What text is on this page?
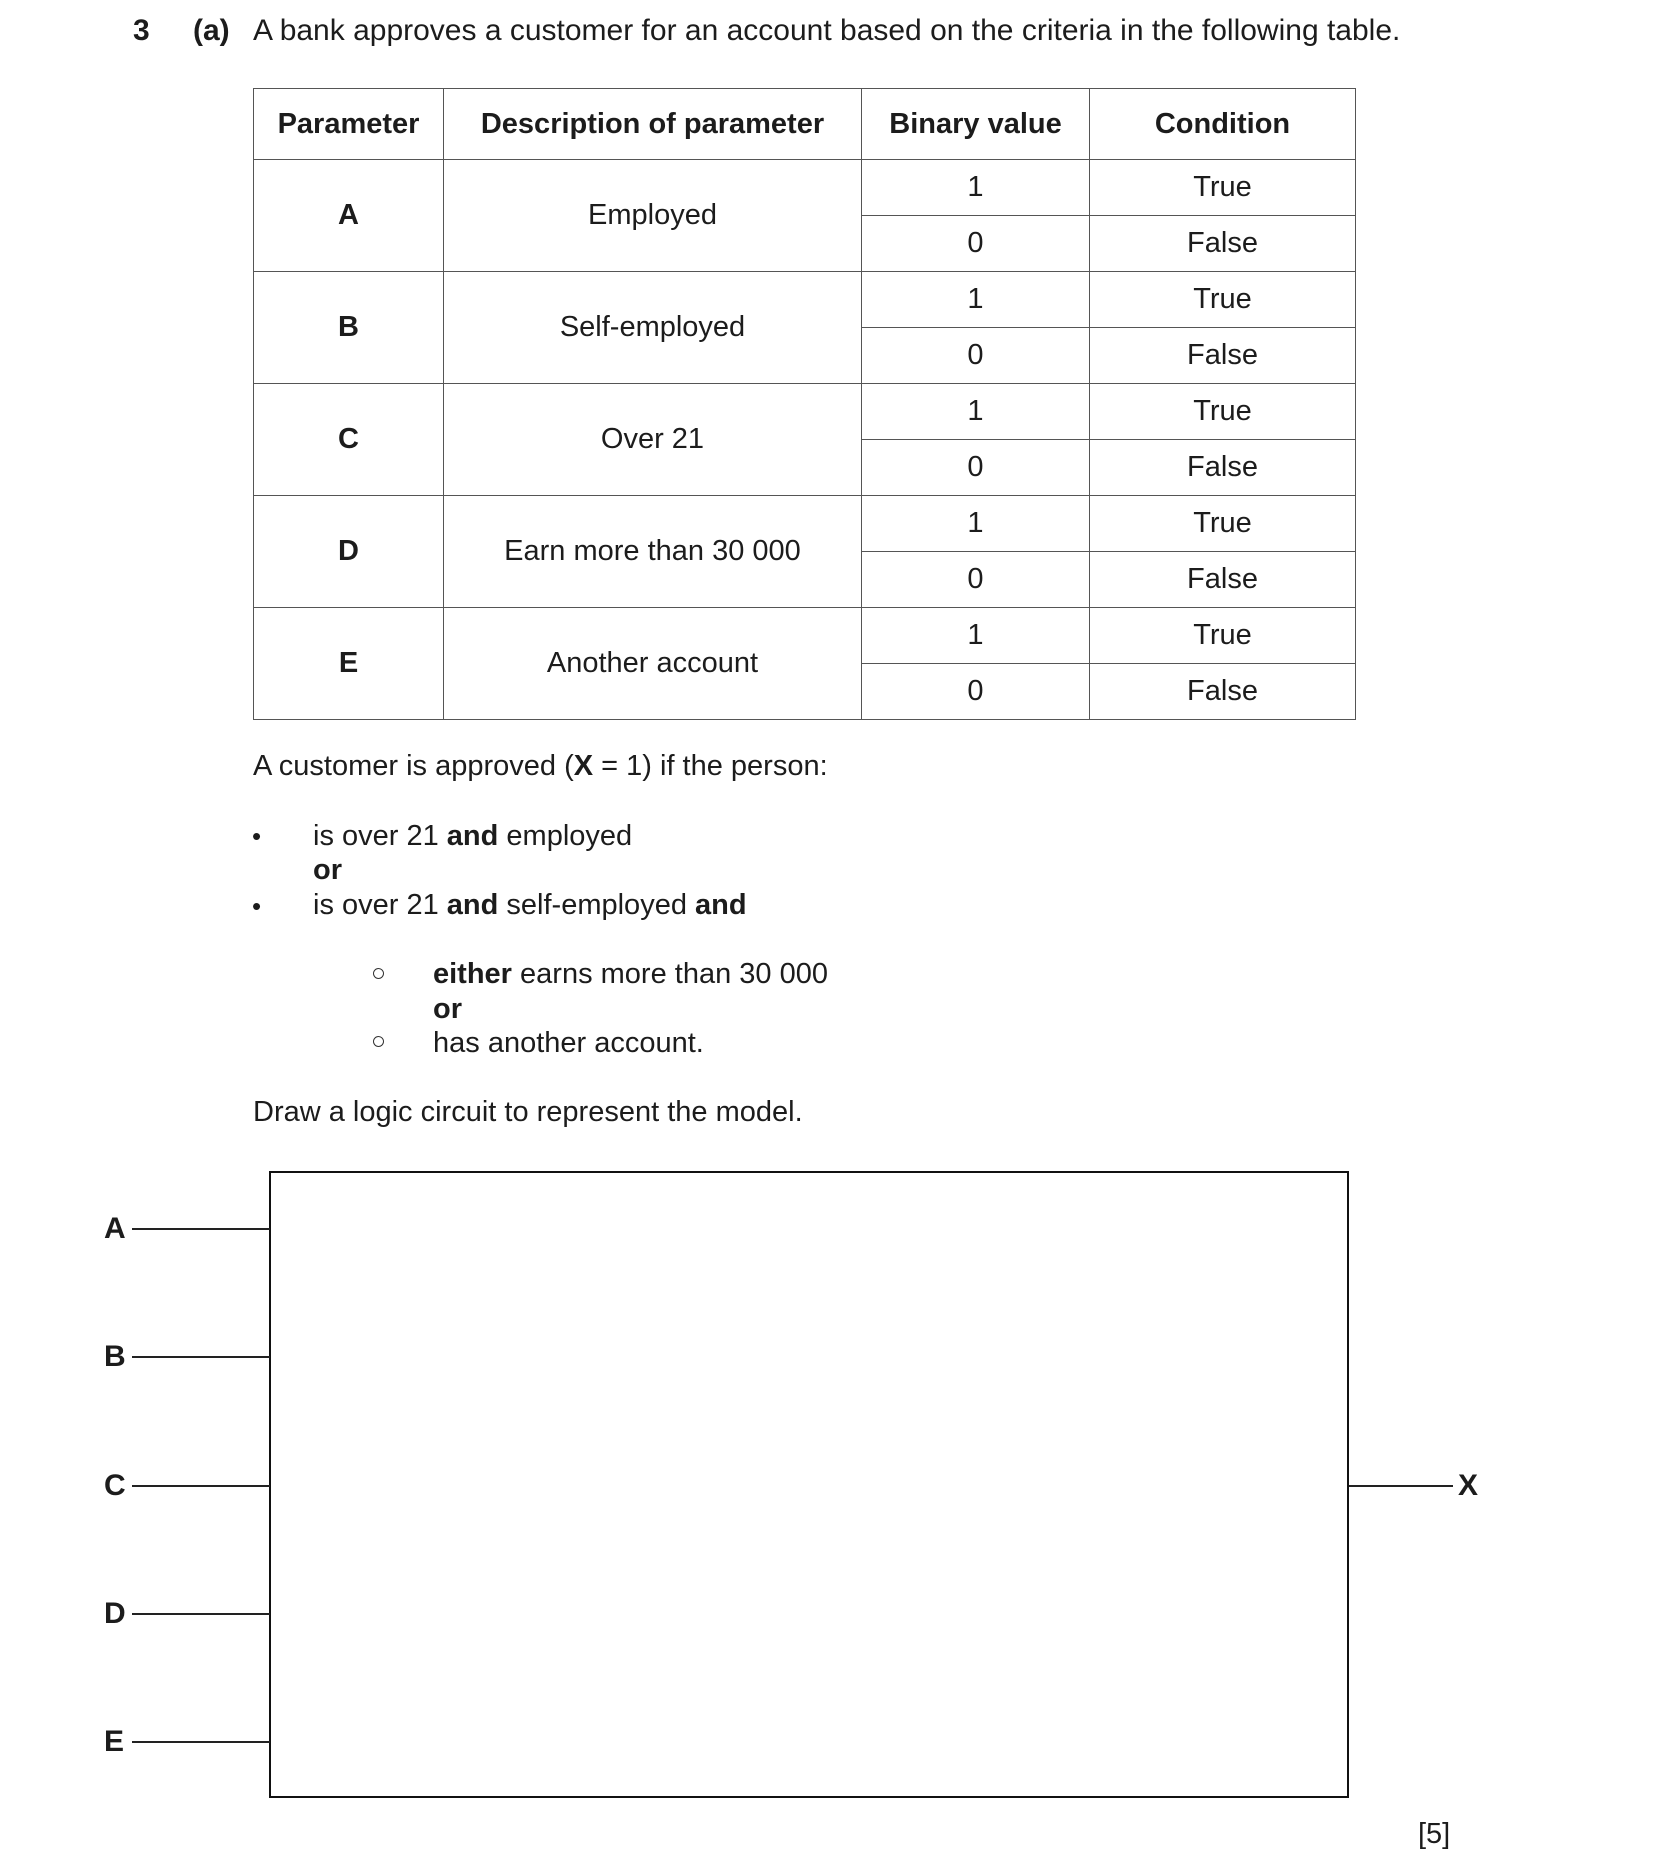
3 (a) A bank approves a customer for an account based on the criteria in the following table.
Parameter	Description of parameter	Binary value	Condition
A	Employed	1	True
		0	False
B	Self-employed	1	True
		0	False
C	Over 21	1	True
		0	False
D	Earn more than 30 000	1	True
		0	False
E	Another account	1	True
		0	False
A customer is approved (X = 1) if the person:
• is over 21 and employed
or
• is over 21 and self-employed and
either earns more than 30 000
or
has another account.
Draw a logic circuit to represent the model.
A
B
C
D
E
X
[5]
